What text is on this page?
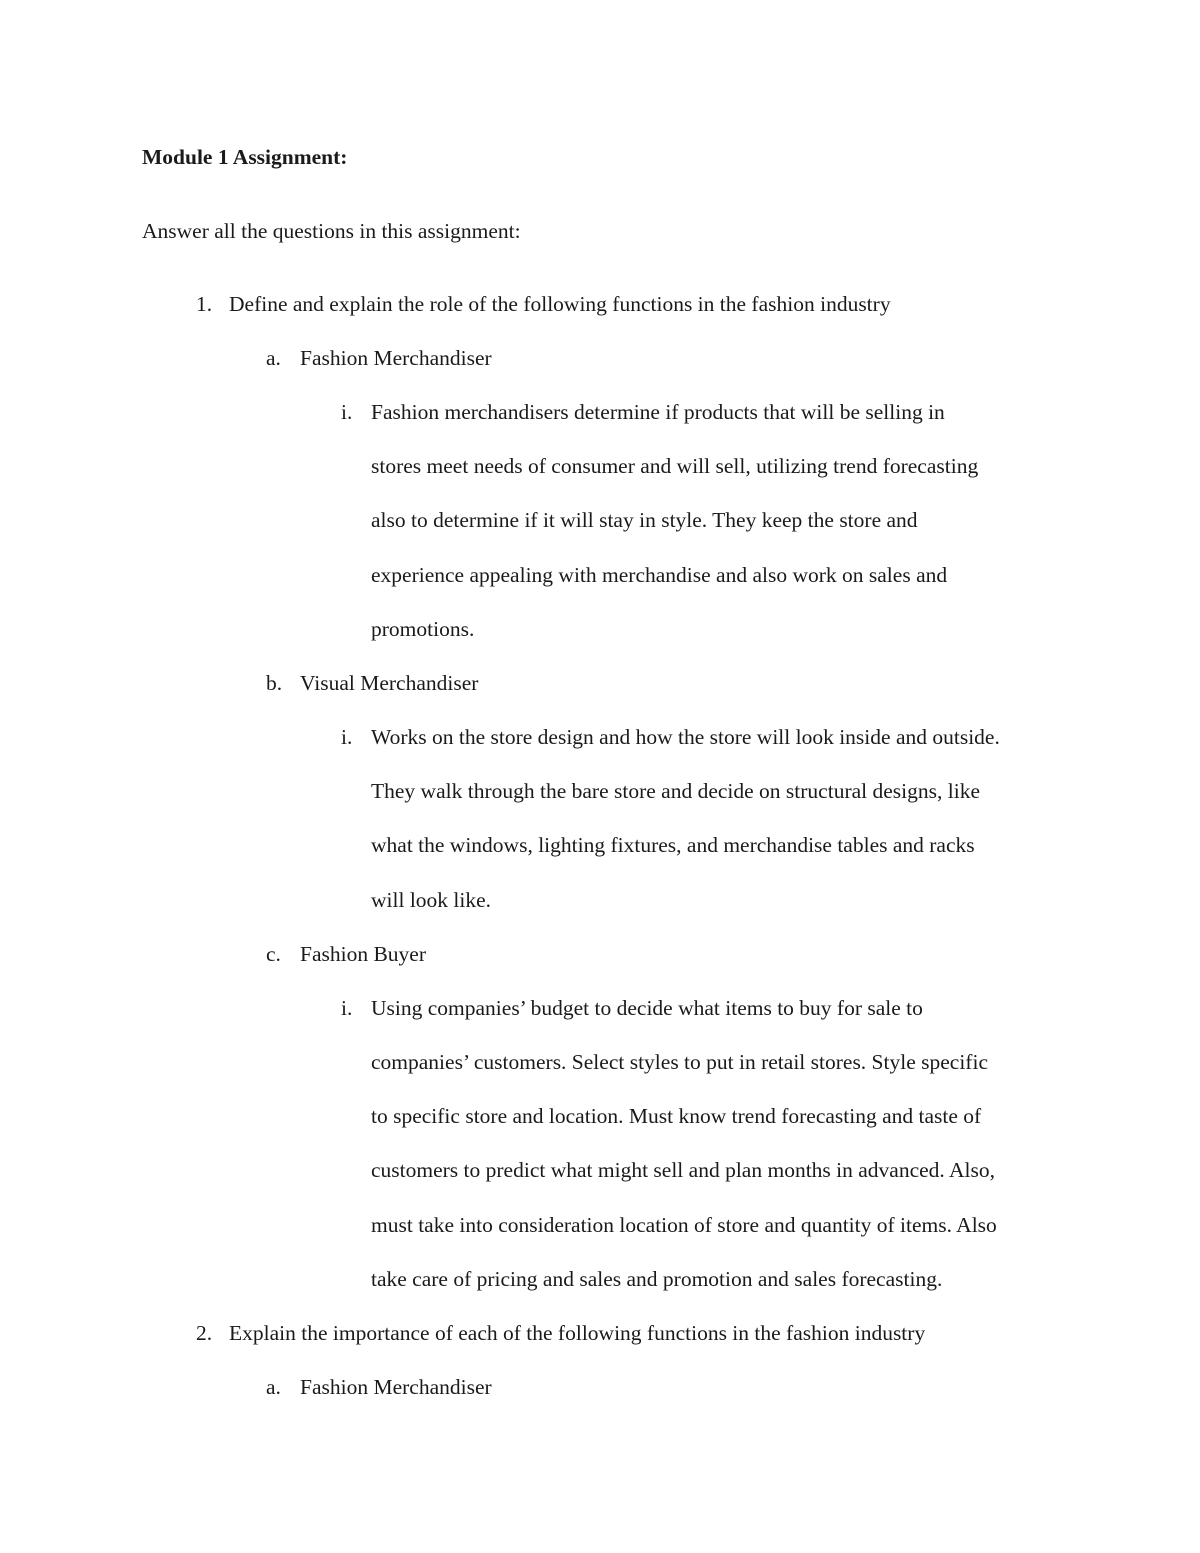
Module 1 Assignment:
Answer all the questions in this assignment:
1. Define and explain the role of the following functions in the fashion industry
a. Fashion Merchandiser
i. Fashion merchandisers determine if products that will be selling in
stores meet needs of consumer and will sell, utilizing trend forecasting
also to determine if it will stay in style. They keep the store and
experience appealing with merchandise and also work on sales and
promotions.
b. Visual Merchandiser
i. Works on the store design and how the store will look inside and outside.
They walk through the bare store and decide on structural designs, like
what the windows, lighting fixtures, and merchandise tables and racks
will look like.
c. Fashion Buyer
i. Using companies’ budget to decide what items to buy for sale to
companies’ customers. Select styles to put in retail stores. Style specific
to specific store and location. Must know trend forecasting and taste of
customers to predict what might sell and plan months in advanced. Also,
must take into consideration location of store and quantity of items. Also
take care of pricing and sales and promotion and sales forecasting.
2. Explain the importance of each of the following functions in the fashion industry
a. Fashion Merchandiser
